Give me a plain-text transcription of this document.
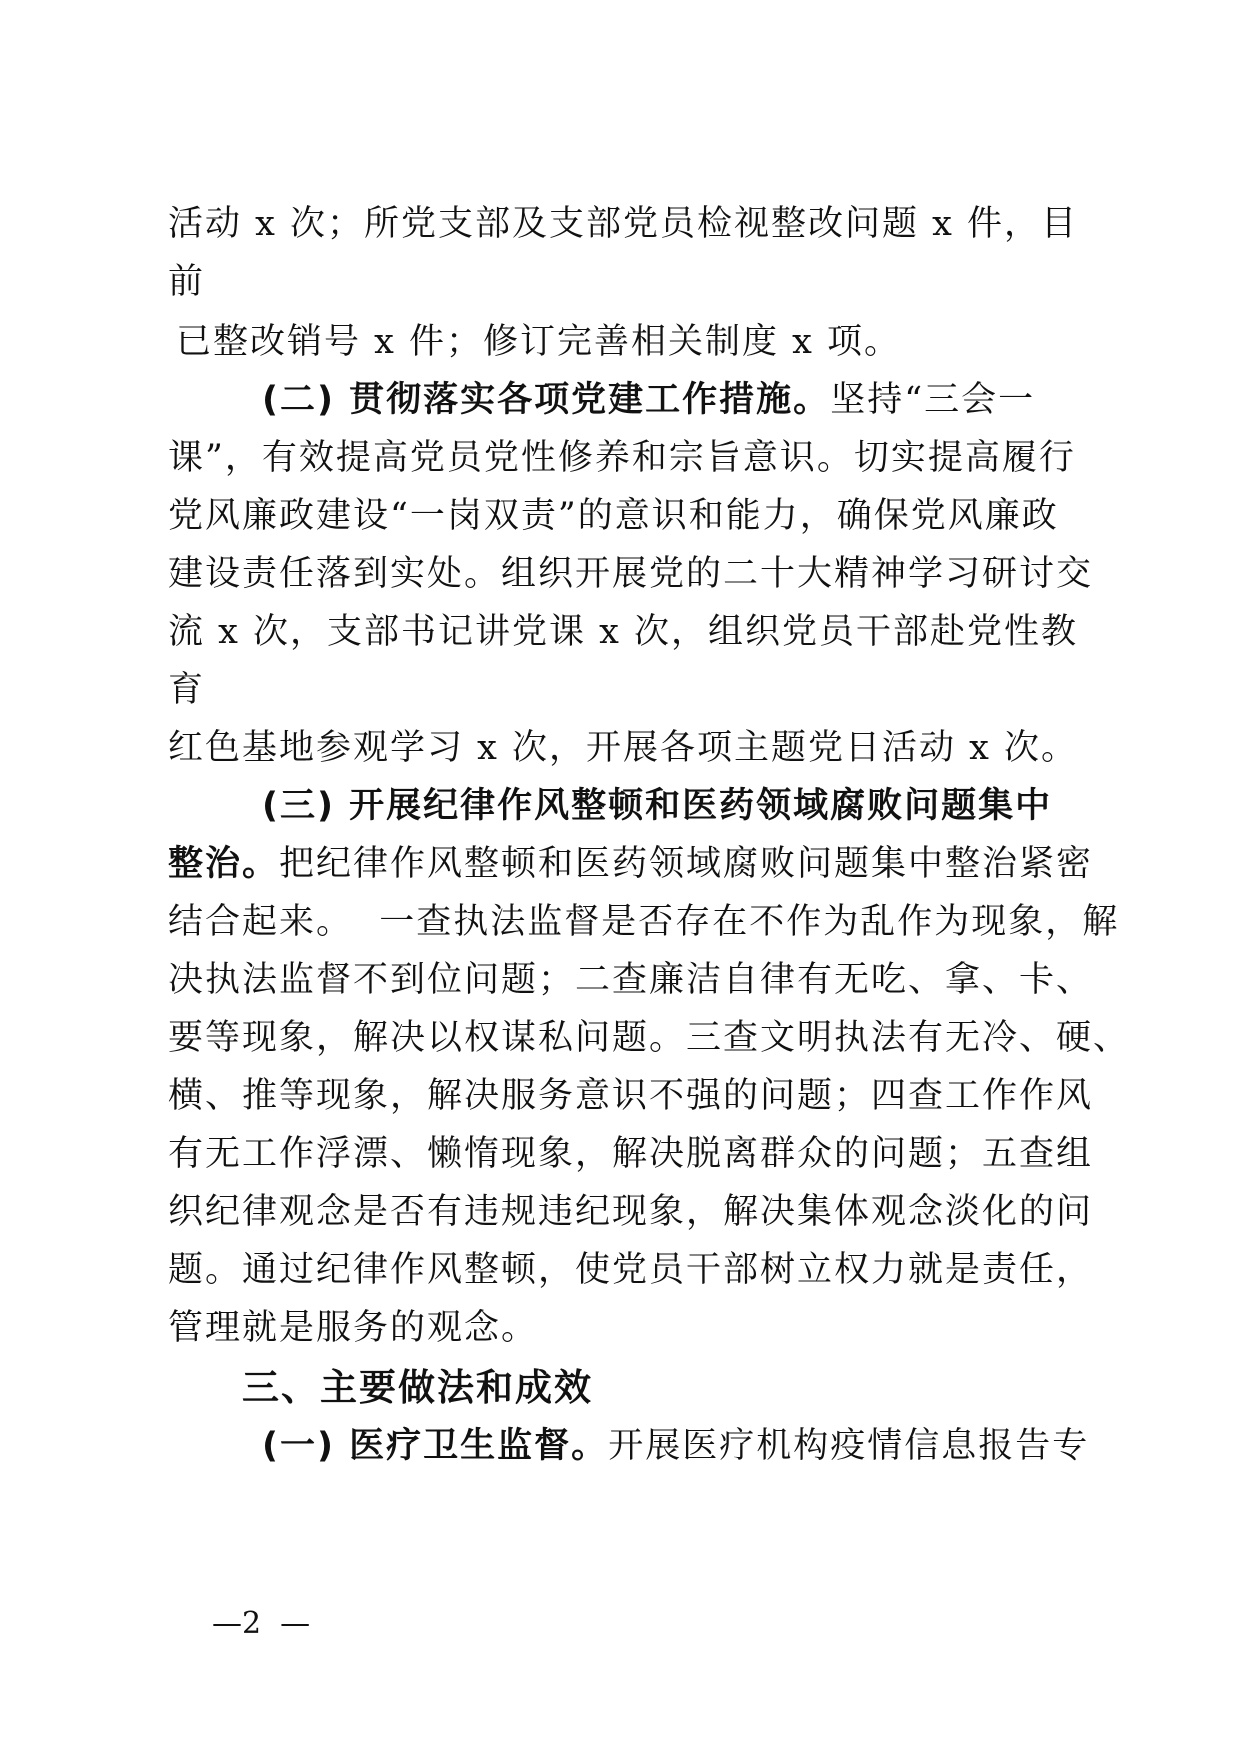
活动 x 次；所党支部及支部党员检视整改问题 x 件，目
前
已整改销号 x 件；修订完善相关制度 x 项。
(二) 贯彻落实各项党建工作措施。坚持“三会一
课”，有效提高党员党性修养和宗旨意识。切实提高履行
党风廉政建设“一岗双责”的意识和能力，确保党风廉政
建设责任落到实处。组织开展党的二十大精神学习研讨交
流 x 次，支部书记讲党课 x 次，组织党员干部赴党性教
育
红色基地参观学习 x 次，开展各项主题党日活动 x 次。
(三) 开展纪律作风整顿和医药领域腐败问题集中
整治。把纪律作风整顿和医药领域腐败问题集中整治紧密
结合起来。  一查执法监督是否存在不作为乱作为现象，解
决执法监督不到位问题；二查廉洁自律有无吃、拿、卡、
要等现象，解决以权谋私问题。三查文明执法有无冷、硬、
横、推等现象，解决服务意识不强的问题；四查工作作风
有无工作浮漂、懒惰现象，解决脱离群众的问题；五查组
织纪律观念是否有违规违纪现象，解决集体观念淡化的问
题。通过纪律作风整顿，使党员干部树立权力就是责任，
管理就是服务的观念。
三、主要做法和成效
(一) 医疗卫生监督。开展医疗机构疫情信息报告专
—2  —
